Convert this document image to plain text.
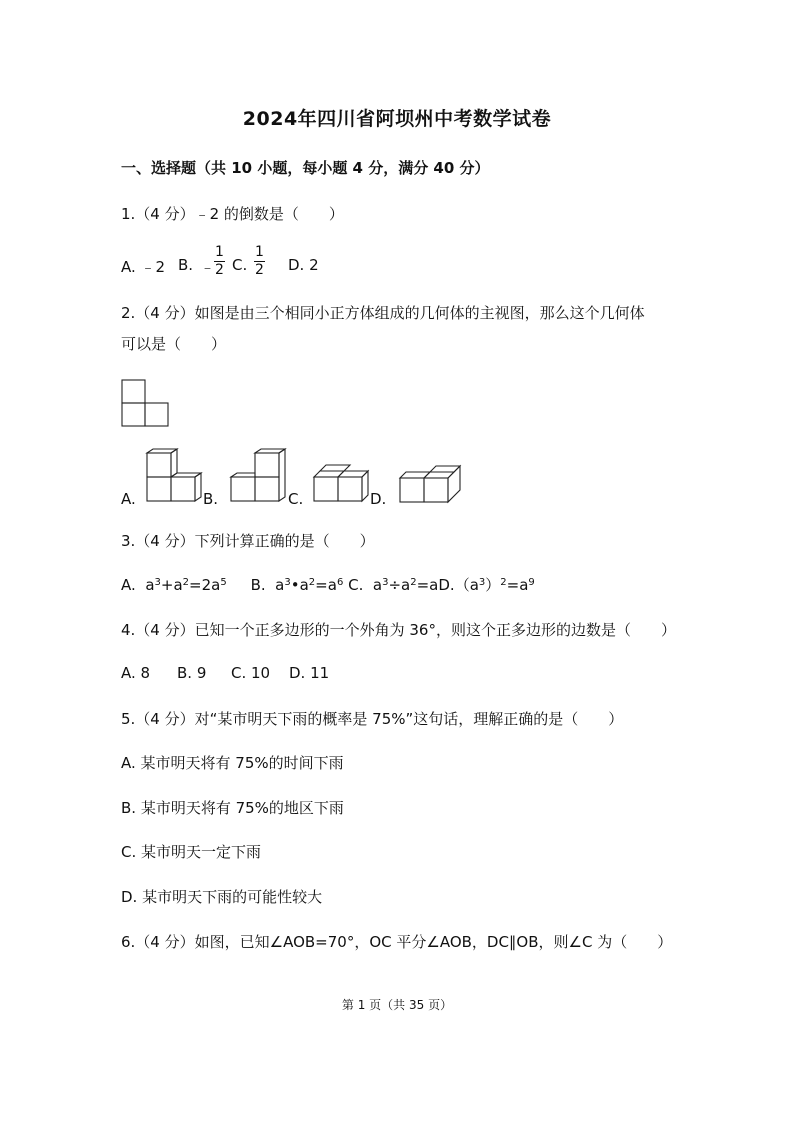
2024年四川省阿坝州中考数学试卷
一、选择题（共 10 小题，每小题 4 分，满分 40 分）
1.（4 分）﹣2 的倒数是（　　）
A. ﹣2 B. ﹣
$\frac{1}{2} C$. $\frac{1}{2} D$. 2
2.（4 分）如图是由三个相同小正方体组成的几何体的主视图，那么这个几何体
可以是（　　）
A.	B.	C.	D.
3.（4 分）下列计算正确的是（　　）
A. $a^3+a^2=2a^5$ B. $a^3•a^2=a^6$ C. $a^3\div a^2=aD.(a^3)^2=a^9$
4.（4 分）已知一个正多边形的一个外角为 36°，则这个正多边形的边数是（　　）
A. 8 B. 9 C. 10 D. 11
5.（4 分）对“某市明天下雨的概率是 75%”这句话，理解正确的是（　　）
A. 某市明天将有 75%的时间下雨
B. 某市明天将有 75%的地区下雨
C. 某市明天一定下雨
D. 某市明天下雨的可能性较大
6.（4 分）如图，已知∠AOB=70°，OC 平分∠AOB，DC∥OB，则∠C 为（　　）
第 1 页（共 35 页）
